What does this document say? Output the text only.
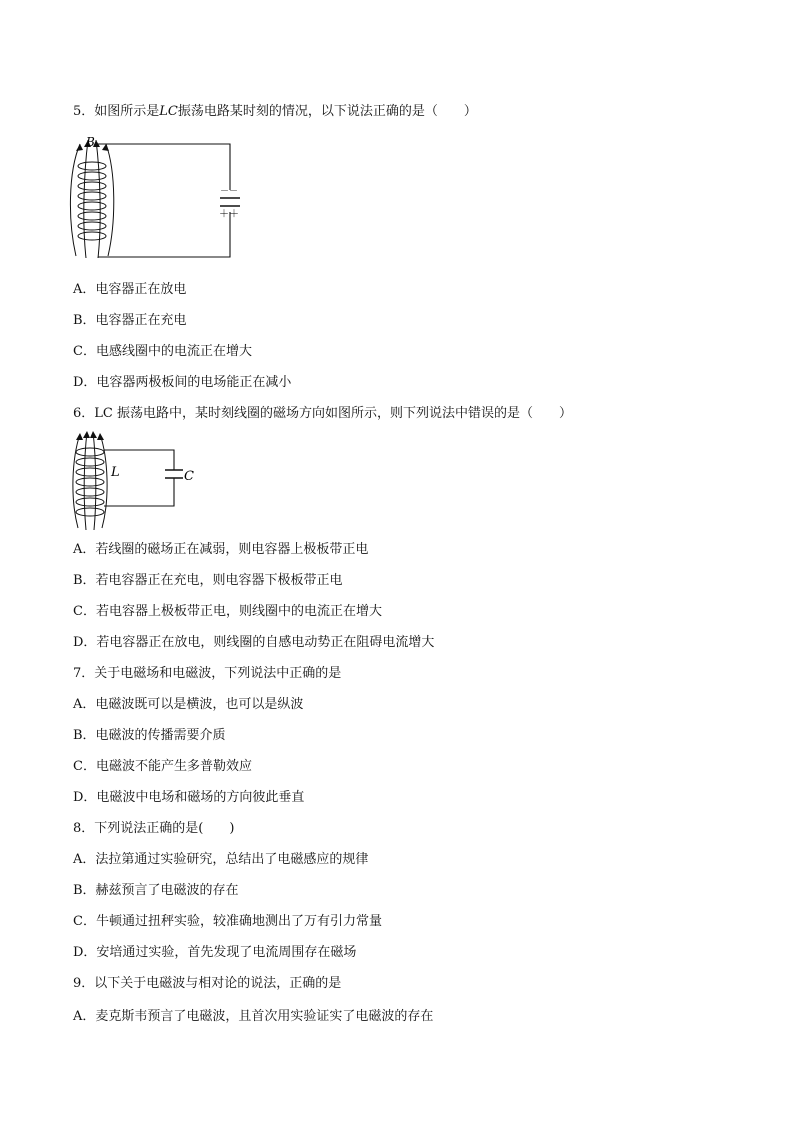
5．如图所示是LC振荡电路某时刻的情况，以下说法正确的是（　　）
－－
＋＋
B
A．电容器正在放电
B．电容器正在充电
C．电感线圈中的电流正在增大
D．电容器两极板间的电场能正在减小
6．LC 振荡电路中，某时刻线圈的磁场方向如图所示，则下列说法中错误的是（　　）
L	C
A．若线圈的磁场正在减弱，则电容器上极板带正电
B．若电容器正在充电，则电容器下极板带正电
C．若电容器上极板带正电，则线圈中的电流正在增大
D．若电容器正在放电，则线圈的自感电动势正在阻碍电流增大
7．关于电磁场和电磁波，下列说法中正确的是
A．电磁波既可以是横波，也可以是纵波
B．电磁波的传播需要介质
C．电磁波不能产生多普勒效应
D．电磁波中电场和磁场的方向彼此垂直
8．下列说法正确的是(　　)
A．法拉第通过实验研究，总结出了电磁感应的规律
B．赫兹预言了电磁波的存在
C．牛顿通过扭秤实验，较准确地测出了万有引力常量
D．安培通过实验，首先发现了电流周围存在磁场
9．以下关于电磁波与相对论的说法，正确的是
A．麦克斯韦预言了电磁波，且首次用实验证实了电磁波的存在
